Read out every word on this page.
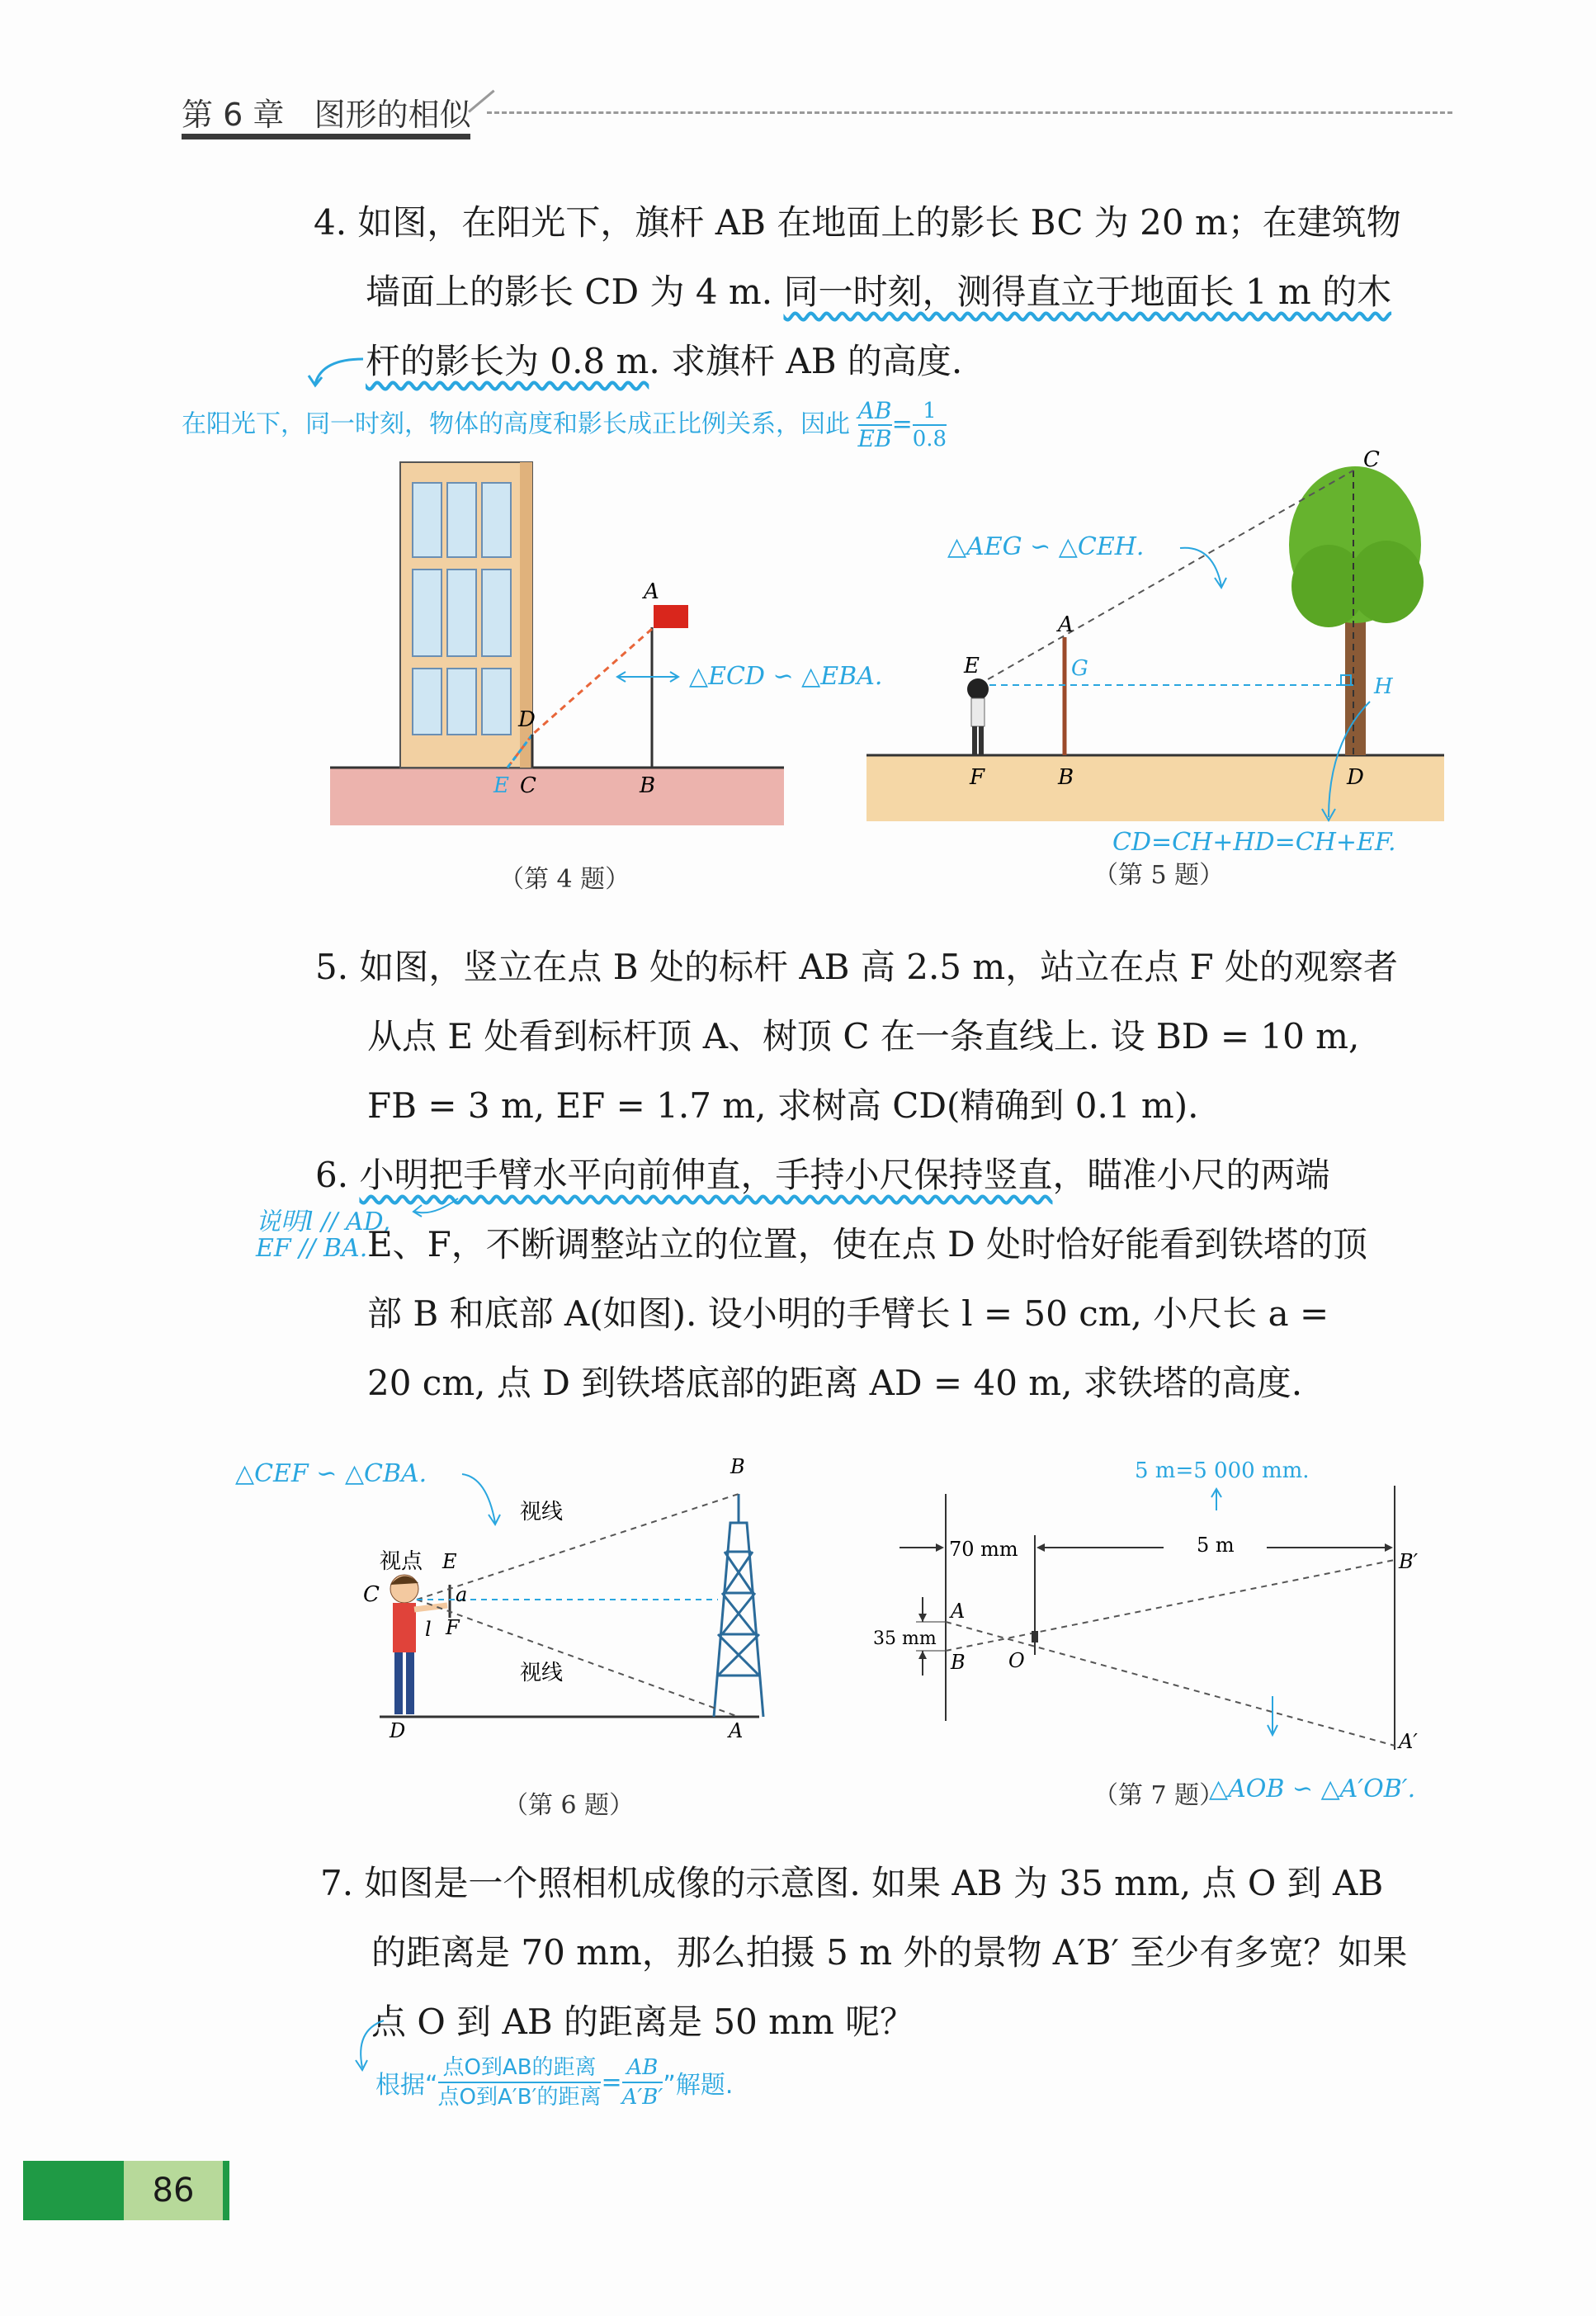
第 6 章 图形的相似
4. 如图，在阳光下，旗杆 AB 在地面上的影长 BC 为 20 m；在建筑物
墙面上的影长 CD 为 4 m. 同一时刻，测得直立于地面长 1 m 的木
杆的影长为 0.8 m. 求旗杆 AB 的高度.
在阳光下，同一时刻，物体的高度和影长成正比例关系，因此 $\frac{AB}{EB} = \frac{1}{0.8}$
A
B
C
D
E
△ECD ∽ △EBA.
（第 4 题）
C
A
G
E
H
F	B	D
△AEG ∽ △CEH.
CD=CH+HD=CH+EF.
（第 5 题）
5. 如图，竖立在点 B 处的标杆 AB 高 2.5 m，站立在点 F 处的观察者
从点 E 处看到标杆顶 A、树顶 C 在一条直线上. 设 BD = 10 m,
FB = 3 m, EF = 1.7 m, 求树高 CD(精确到 0.1 m).
6. 小明把手臂水平向前伸直，手持小尺保持竖直，瞄准小尺的两端
说明l // AD,
EF // BA. E、F，不断调整站立的位置，使在点 D 处时恰好能看到铁塔的顶
部 B 和底部 A(如图). 设小明的手臂长 l = 50 cm, 小尺长 a =
20 cm, 点 D 到铁塔底部的距离 AD = 40 m, 求铁塔的高度.
△CEF ∽ △CBA.
视点
视线
视线
C
E
F
a
l
B
A
D
（第 6 题）
5 m=5 000 mm.
70 mm	5 m
35 mm
A
B O
B′
A′
（第 7 题）
△AOB ∽ △A′OB′.
7. 如图是一个照相机成像的示意图. 如果 AB 为 35 mm, 点 O 到 AB
的距离是 70 mm，那么拍摄 5 m 外的景物 A′B′ 至少有多宽？如果
点 O 到 AB 的距离是 50 mm 呢？
根据“
点O到AB的距离
点O到A′B′的距离
= $\frac{AB}{A'B'}$ ”解题.
86
